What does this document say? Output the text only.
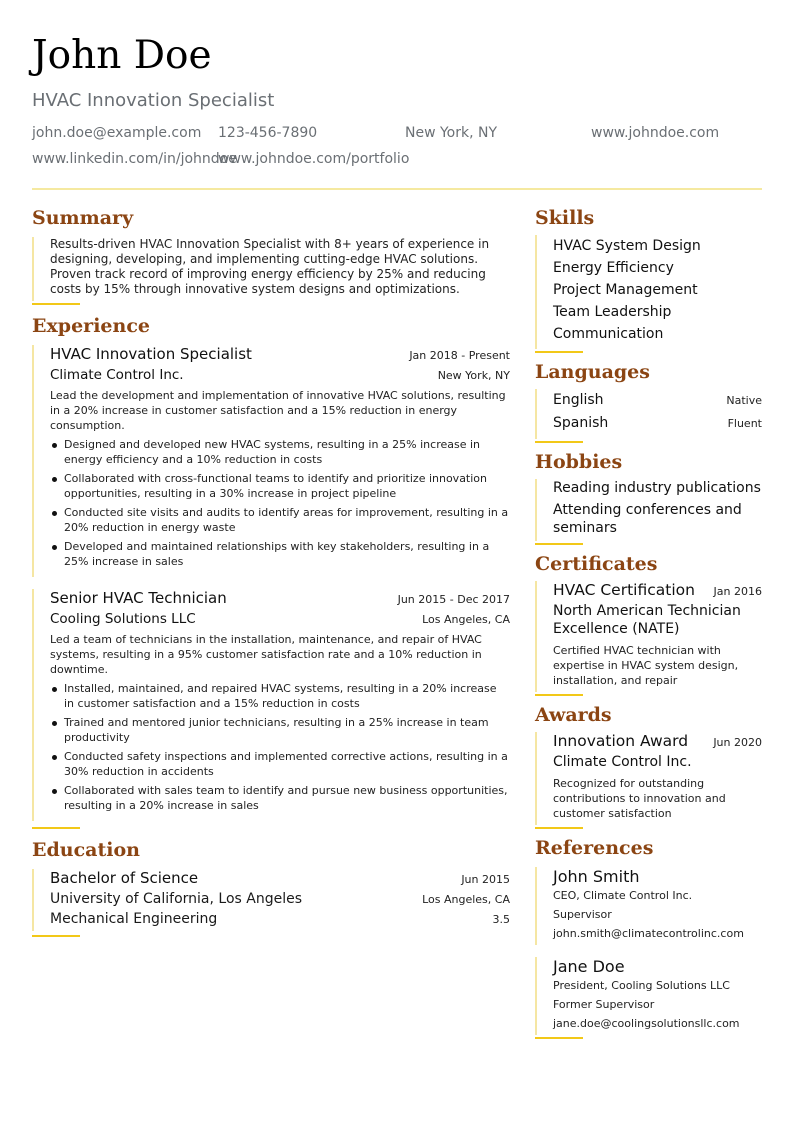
John Doe
HVAC Innovation Specialist
john.doe@example.com 123-456-7890	New York, NY	www.johndoe.com
www.linkedin.com/in/johndoe
www.johndoe.com/portfolio
Summary
Results-driven HVAC Innovation Specialist with 8+ years of experience in designing, developing, and implementing cutting-edge HVAC solutions. Proven track record of improving energy efficiency by 25% and reducing costs by 15% through innovative system designs and optimizations.
Experience
HVAC Innovation Specialist	Jan 2018 - Present
Climate Control Inc.	New York, NY
Lead the development and implementation of innovative HVAC solutions, resulting in a 20% increase in customer satisfaction and a 15% reduction in energy consumption.
Designed and developed new HVAC systems, resulting in a 25% increase in energy efficiency and a 10% reduction in costs
Collaborated with cross-functional teams to identify and prioritize innovation opportunities, resulting in a 30% increase in project pipeline
Conducted site visits and audits to identify areas for improvement, resulting in a 20% reduction in energy waste
Developed and maintained relationships with key stakeholders, resulting in a 25% increase in sales
Senior HVAC Technician	Jun 2015 - Dec 2017
Cooling Solutions LLC	Los Angeles, CA
Led a team of technicians in the installation, maintenance, and repair of HVAC systems, resulting in a 95% customer satisfaction rate and a 10% reduction in downtime.
Installed, maintained, and repaired HVAC systems, resulting in a 20% increase in customer satisfaction and a 15% reduction in costs
Trained and mentored junior technicians, resulting in a 25% increase in team productivity
Conducted safety inspections and implemented corrective actions, resulting in a 30% reduction in accidents
Collaborated with sales team to identify and pursue new business opportunities, resulting in a 20% increase in sales
Education
Bachelor of Science	Jun 2015
University of California, Los Angeles	Los Angeles, CA
Mechanical Engineering	3.5
Skills
HVAC System Design
Energy Efficiency
Project Management
Team Leadership
Communication
Languages
English	Native
Spanish	Fluent
Hobbies
Reading industry publications
Attending conferences and seminars
Certificates
HVAC Certification Jan 2016
North American Technician Excellence (NATE)
Certified HVAC technician with expertise in HVAC system design, installation, and repair
Awards
Innovation Award Jun 2020
Climate Control Inc.
Recognized for outstanding contributions to innovation and customer satisfaction
References
John Smith
CEO, Climate Control Inc.
Supervisor
john.smith@climatecontrolinc.com
Jane Doe
President, Cooling Solutions LLC
Former Supervisor
jane.doe@coolingsolutionsllc.com
